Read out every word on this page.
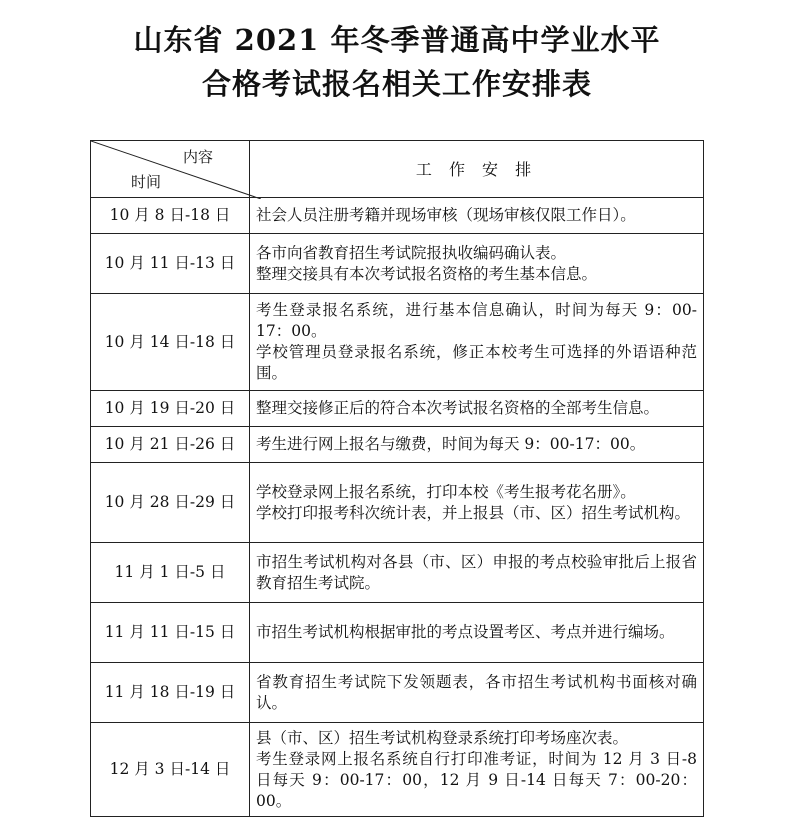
山东省 2021 年冬季普通高中学业水平
合格考试报名相关工作安排表
内容
时间	工 作 安 排
10 月 8 日-18 日	社会人员注册考籍并现场审核（现场审核仅限工作日）。

10 月 11 日-13 日	各市向省教育招生考试院报执收编码确认表。
整理交接具有本次考试报名资格的考生基本信息。

10 月 14 日-18 日	考生登录报名系统，进行基本信息确认，时间为每天 9：00-17：00。
学校管理员登录报名系统，修正本校考生可选择的外语语种范围。

10 月 19 日-20 日	整理交接修正后的符合本次考试报名资格的全部考生信息。

10 月 21 日-26 日	考生进行网上报名与缴费，时间为每天 9：00-17：00。

10 月 28 日-29 日	学校登录网上报名系统，打印本校《考生报考花名册》。
学校打印报考科次统计表，并上报县（市、区）招生考试机构。

11 月 1 日-5 日	市招生考试机构对各县（市、区）申报的考点校验审批后上报省教育招生考试院。

11 月 11 日-15 日	市招生考试机构根据审批的考点设置考区、考点并进行编场。

11 月 18 日-19 日	省教育招生考试院下发领题表，各市招生考试机构书面核对确认。

12 月 3 日-14 日	县（市、区）招生考试机构登录系统打印考场座次表。
考生登录网上报名系统自行打印准考证，时间为 12 月 3 日-8 日每天 9：00-17：00，12 月 9 日-14 日每天 7：00-20：00。
